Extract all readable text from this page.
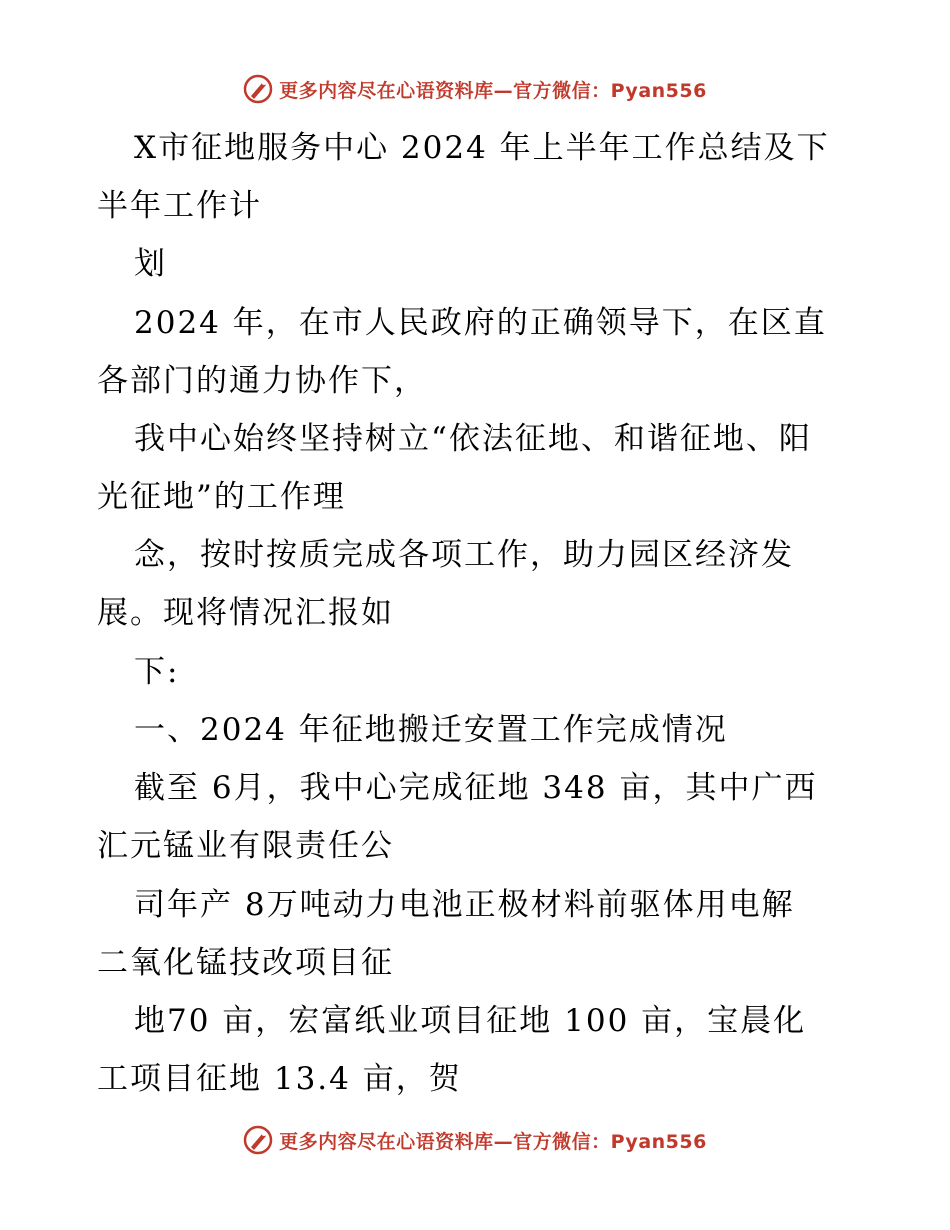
更多内容尽在心语资料库—官方微信：Pyan556
X市征地服务中心 2024 年上半年工作总结及下
半年工作计
划
2024 年，在市人民政府的正确领导下，在区直
各部门的通力协作下，
我中心始终坚持树立“依法征地、和谐征地、阳
光征地”的工作理
念，按时按质完成各项工作，助力园区经济发
展。现将情况汇报如
下:
一、2024 年征地搬迁安置工作完成情况
截至 6月，我中心完成征地 348 亩，其中广西
汇元锰业有限责任公
司年产 8万吨动力电池正极材料前驱体用电解
二氧化锰技改项目征
地70 亩，宏富纸业项目征地 100 亩，宝晨化
工项目征地 13.4 亩，贺
更多内容尽在心语资料库—官方微信：Pyan556
